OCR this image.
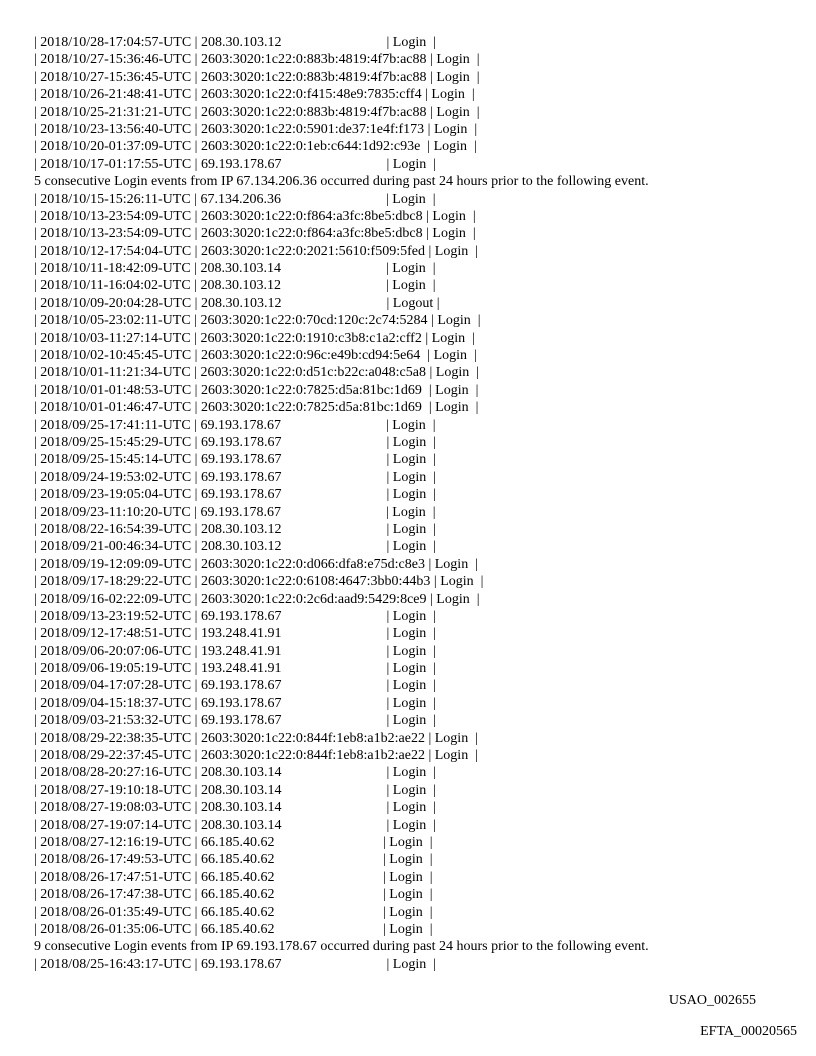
| 2018/10/28-17:04:57-UTC | 208.30.103.12                              | Login  |
| 2018/10/27-15:36:46-UTC | 2603:3020:1c22:0:883b:4819:4f7b:ac88 | Login  |
| 2018/10/27-15:36:45-UTC | 2603:3020:1c22:0:883b:4819:4f7b:ac88 | Login  |
| 2018/10/26-21:48:41-UTC | 2603:3020:1c22:0:f415:48e9:7835:cff4 | Login  |
| 2018/10/25-21:31:21-UTC | 2603:3020:1c22:0:883b:4819:4f7b:ac88 | Login  |
| 2018/10/23-13:56:40-UTC | 2603:3020:1c22:0:5901:de37:1e4f:f173 | Login  |
| 2018/10/20-01:37:09-UTC | 2603:3020:1c22:0:1eb:c644:1d92:c93e  | Login  |
| 2018/10/17-01:17:55-UTC | 69.193.178.67                              | Login  |
5 consecutive Login events from IP 67.134.206.36 occurred during past 24 hours prior to the following event.
| 2018/10/15-15:26:11-UTC | 67.134.206.36                              | Login  |
| 2018/10/13-23:54:09-UTC | 2603:3020:1c22:0:f864:a3fc:8be5:dbc8 | Login  |
| 2018/10/13-23:54:09-UTC | 2603:3020:1c22:0:f864:a3fc:8be5:dbc8 | Login  |
| 2018/10/12-17:54:04-UTC | 2603:3020:1c22:0:2021:5610:f509:5fed | Login  |
| 2018/10/11-18:42:09-UTC | 208.30.103.14                              | Login  |
| 2018/10/11-16:04:02-UTC | 208.30.103.12                              | Login  |
| 2018/10/09-20:04:28-UTC | 208.30.103.12                              | Logout |
| 2018/10/05-23:02:11-UTC | 2603:3020:1c22:0:70cd:120c:2c74:5284 | Login  |
| 2018/10/03-11:27:14-UTC | 2603:3020:1c22:0:1910:c3b8:c1a2:cff2 | Login  |
| 2018/10/02-10:45:45-UTC | 2603:3020:1c22:0:96c:e49b:cd94:5e64  | Login  |
| 2018/10/01-11:21:34-UTC | 2603:3020:1c22:0:d51c:b22c:a048:c5a8 | Login  |
| 2018/10/01-01:48:53-UTC | 2603:3020:1c22:0:7825:d5a:81bc:1d69  | Login  |
| 2018/10/01-01:46:47-UTC | 2603:3020:1c22:0:7825:d5a:81bc:1d69  | Login  |
| 2018/09/25-17:41:11-UTC | 69.193.178.67                              | Login  |
| 2018/09/25-15:45:29-UTC | 69.193.178.67                              | Login  |
| 2018/09/25-15:45:14-UTC | 69.193.178.67                              | Login  |
| 2018/09/24-19:53:02-UTC | 69.193.178.67                              | Login  |
| 2018/09/23-19:05:04-UTC | 69.193.178.67                              | Login  |
| 2018/09/23-11:10:20-UTC | 69.193.178.67                              | Login  |
| 2018/08/22-16:54:39-UTC | 208.30.103.12                              | Login  |
| 2018/09/21-00:46:34-UTC | 208.30.103.12                              | Login  |
| 2018/09/19-12:09:09-UTC | 2603:3020:1c22:0:d066:dfa8:e75d:c8e3 | Login  |
| 2018/09/17-18:29:22-UTC | 2603:3020:1c22:0:6108:4647:3bb0:44b3 | Login  |
| 2018/09/16-02:22:09-UTC | 2603:3020:1c22:0:2c6d:aad9:5429:8ce9 | Login  |
| 2018/09/13-23:19:52-UTC | 69.193.178.67                              | Login  |
| 2018/09/12-17:48:51-UTC | 193.248.41.91                              | Login  |
| 2018/09/06-20:07:06-UTC | 193.248.41.91                              | Login  |
| 2018/09/06-19:05:19-UTC | 193.248.41.91                              | Login  |
| 2018/09/04-17:07:28-UTC | 69.193.178.67                              | Login  |
| 2018/09/04-15:18:37-UTC | 69.193.178.67                              | Login  |
| 2018/09/03-21:53:32-UTC | 69.193.178.67                              | Login  |
| 2018/08/29-22:38:35-UTC | 2603:3020:1c22:0:844f:1eb8:a1b2:ae22 | Login  |
| 2018/08/29-22:37:45-UTC | 2603:3020:1c22:0:844f:1eb8:a1b2:ae22 | Login  |
| 2018/08/28-20:27:16-UTC | 208.30.103.14                              | Login  |
| 2018/08/27-19:10:18-UTC | 208.30.103.14                              | Login  |
| 2018/08/27-19:08:03-UTC | 208.30.103.14                              | Login  |
| 2018/08/27-19:07:14-UTC | 208.30.103.14                              | Login  |
| 2018/08/27-12:16:19-UTC | 66.185.40.62                               | Login  |
| 2018/08/26-17:49:53-UTC | 66.185.40.62                               | Login  |
| 2018/08/26-17:47:51-UTC | 66.185.40.62                               | Login  |
| 2018/08/26-17:47:38-UTC | 66.185.40.62                               | Login  |
| 2018/08/26-01:35:49-UTC | 66.185.40.62                               | Login  |
| 2018/08/26-01:35:06-UTC | 66.185.40.62                               | Login  |
9 consecutive Login events from IP 69.193.178.67 occurred during past 24 hours prior to the following event.
| 2018/08/25-16:43:17-UTC | 69.193.178.67                              | Login  |
USAO_002655
EFTA_00020565
